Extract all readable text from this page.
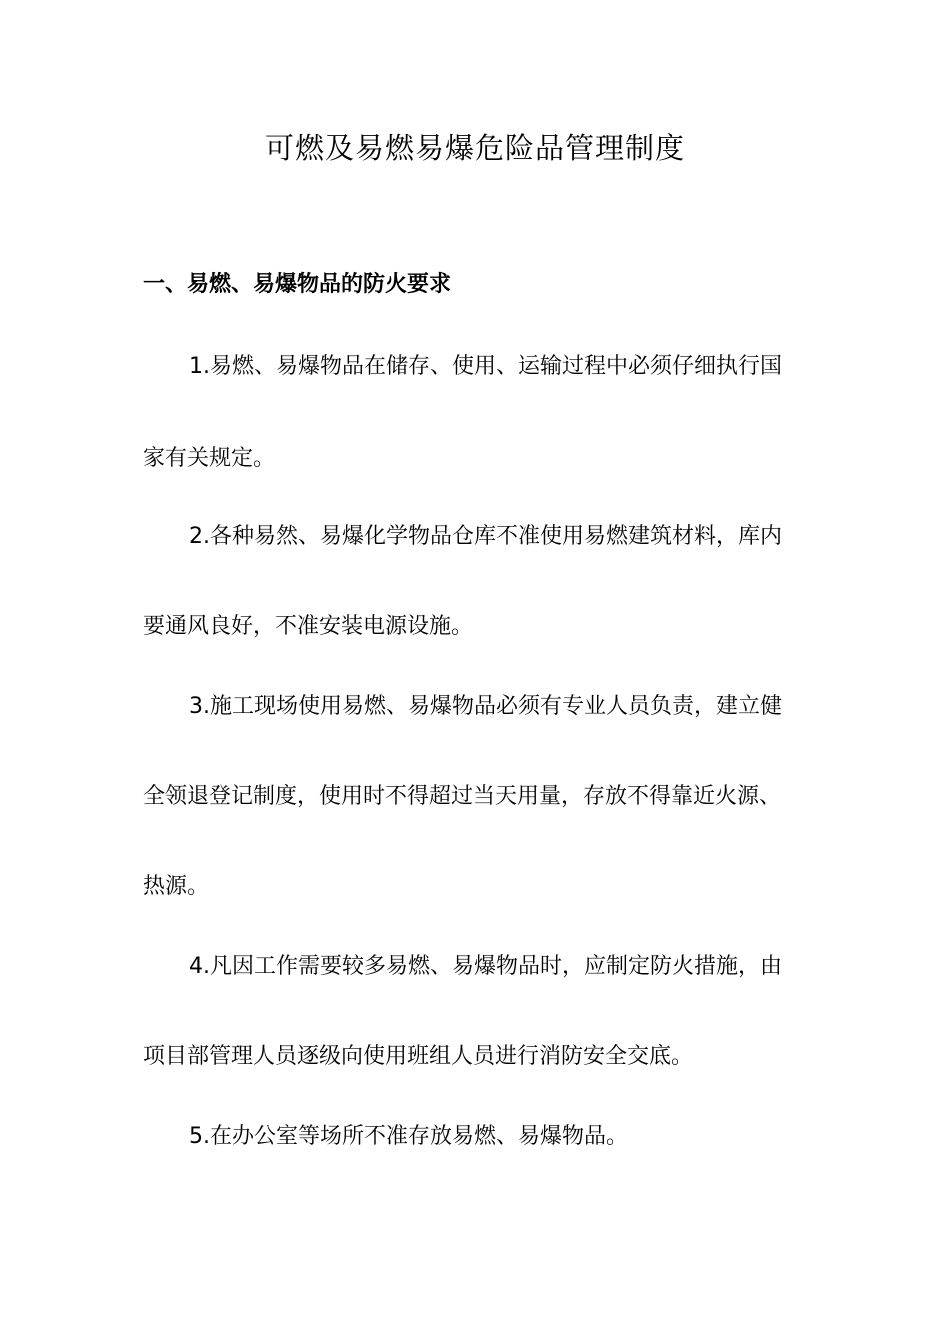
可燃及易燃易爆危险品管理制度
一、易燃、易爆物品的防火要求
1.易燃、易爆物品在储存、使用、运输过程中必须仔细执行国
家有关规定。
2.各种易然、易爆化学物品仓库不准使用易燃建筑材料，库内
要通风良好，不准安装电源设施。
3.施工现场使用易燃、易爆物品必须有专业人员负责，建立健
全领退登记制度，使用时不得超过当天用量，存放不得靠近火源、
热源。
4.凡因工作需要较多易燃、易爆物品时，应制定防火措施，由
项目部管理人员逐级向使用班组人员进行消防安全交底。
5.在办公室等场所不准存放易燃、易爆物品。
